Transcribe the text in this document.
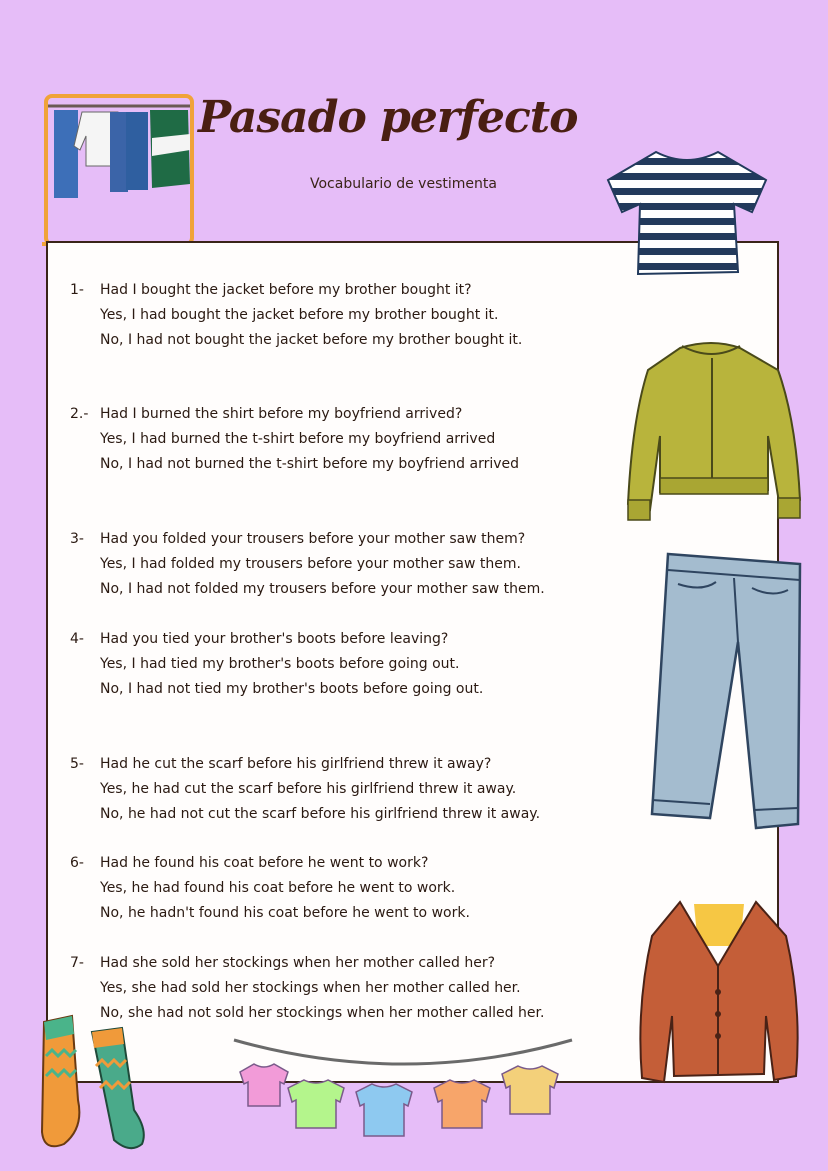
Pasado perfecto
Vocabulario de vestimenta
1- Had I bought the jacket before my brother bought it?
Yes, I had bought the jacket before my brother bought it.
No, I had not bought the jacket before my brother bought it.
2.- Had I burned the shirt before my boyfriend arrived?
Yes, I had burned the t-shirt before my boyfriend arrived
No, I had not burned the t-shirt before my boyfriend arrived
3- Had you folded your trousers before your mother saw them?
Yes, I had folded my trousers before your mother saw them.
No, I had not folded my trousers before your mother saw them.
4- Had you tied your brother's boots before leaving?
Yes, I had tied my brother's boots before going out.
No, I had not tied my brother's boots before going out.
5- Had he cut the scarf before his girlfriend threw it away?
Yes, he had cut the scarf before his girlfriend threw it away.
No, he had not cut the scarf before his girlfriend threw it away.
6- Had he found his coat before he went to work?
Yes, he had found his coat before he went to work.
No, he hadn't found his coat before he went to work.
7- Had she sold her stockings when her mother called her?
Yes, she had sold her stockings when her mother called her.
No, she had not sold her stockings when her mother called her.
